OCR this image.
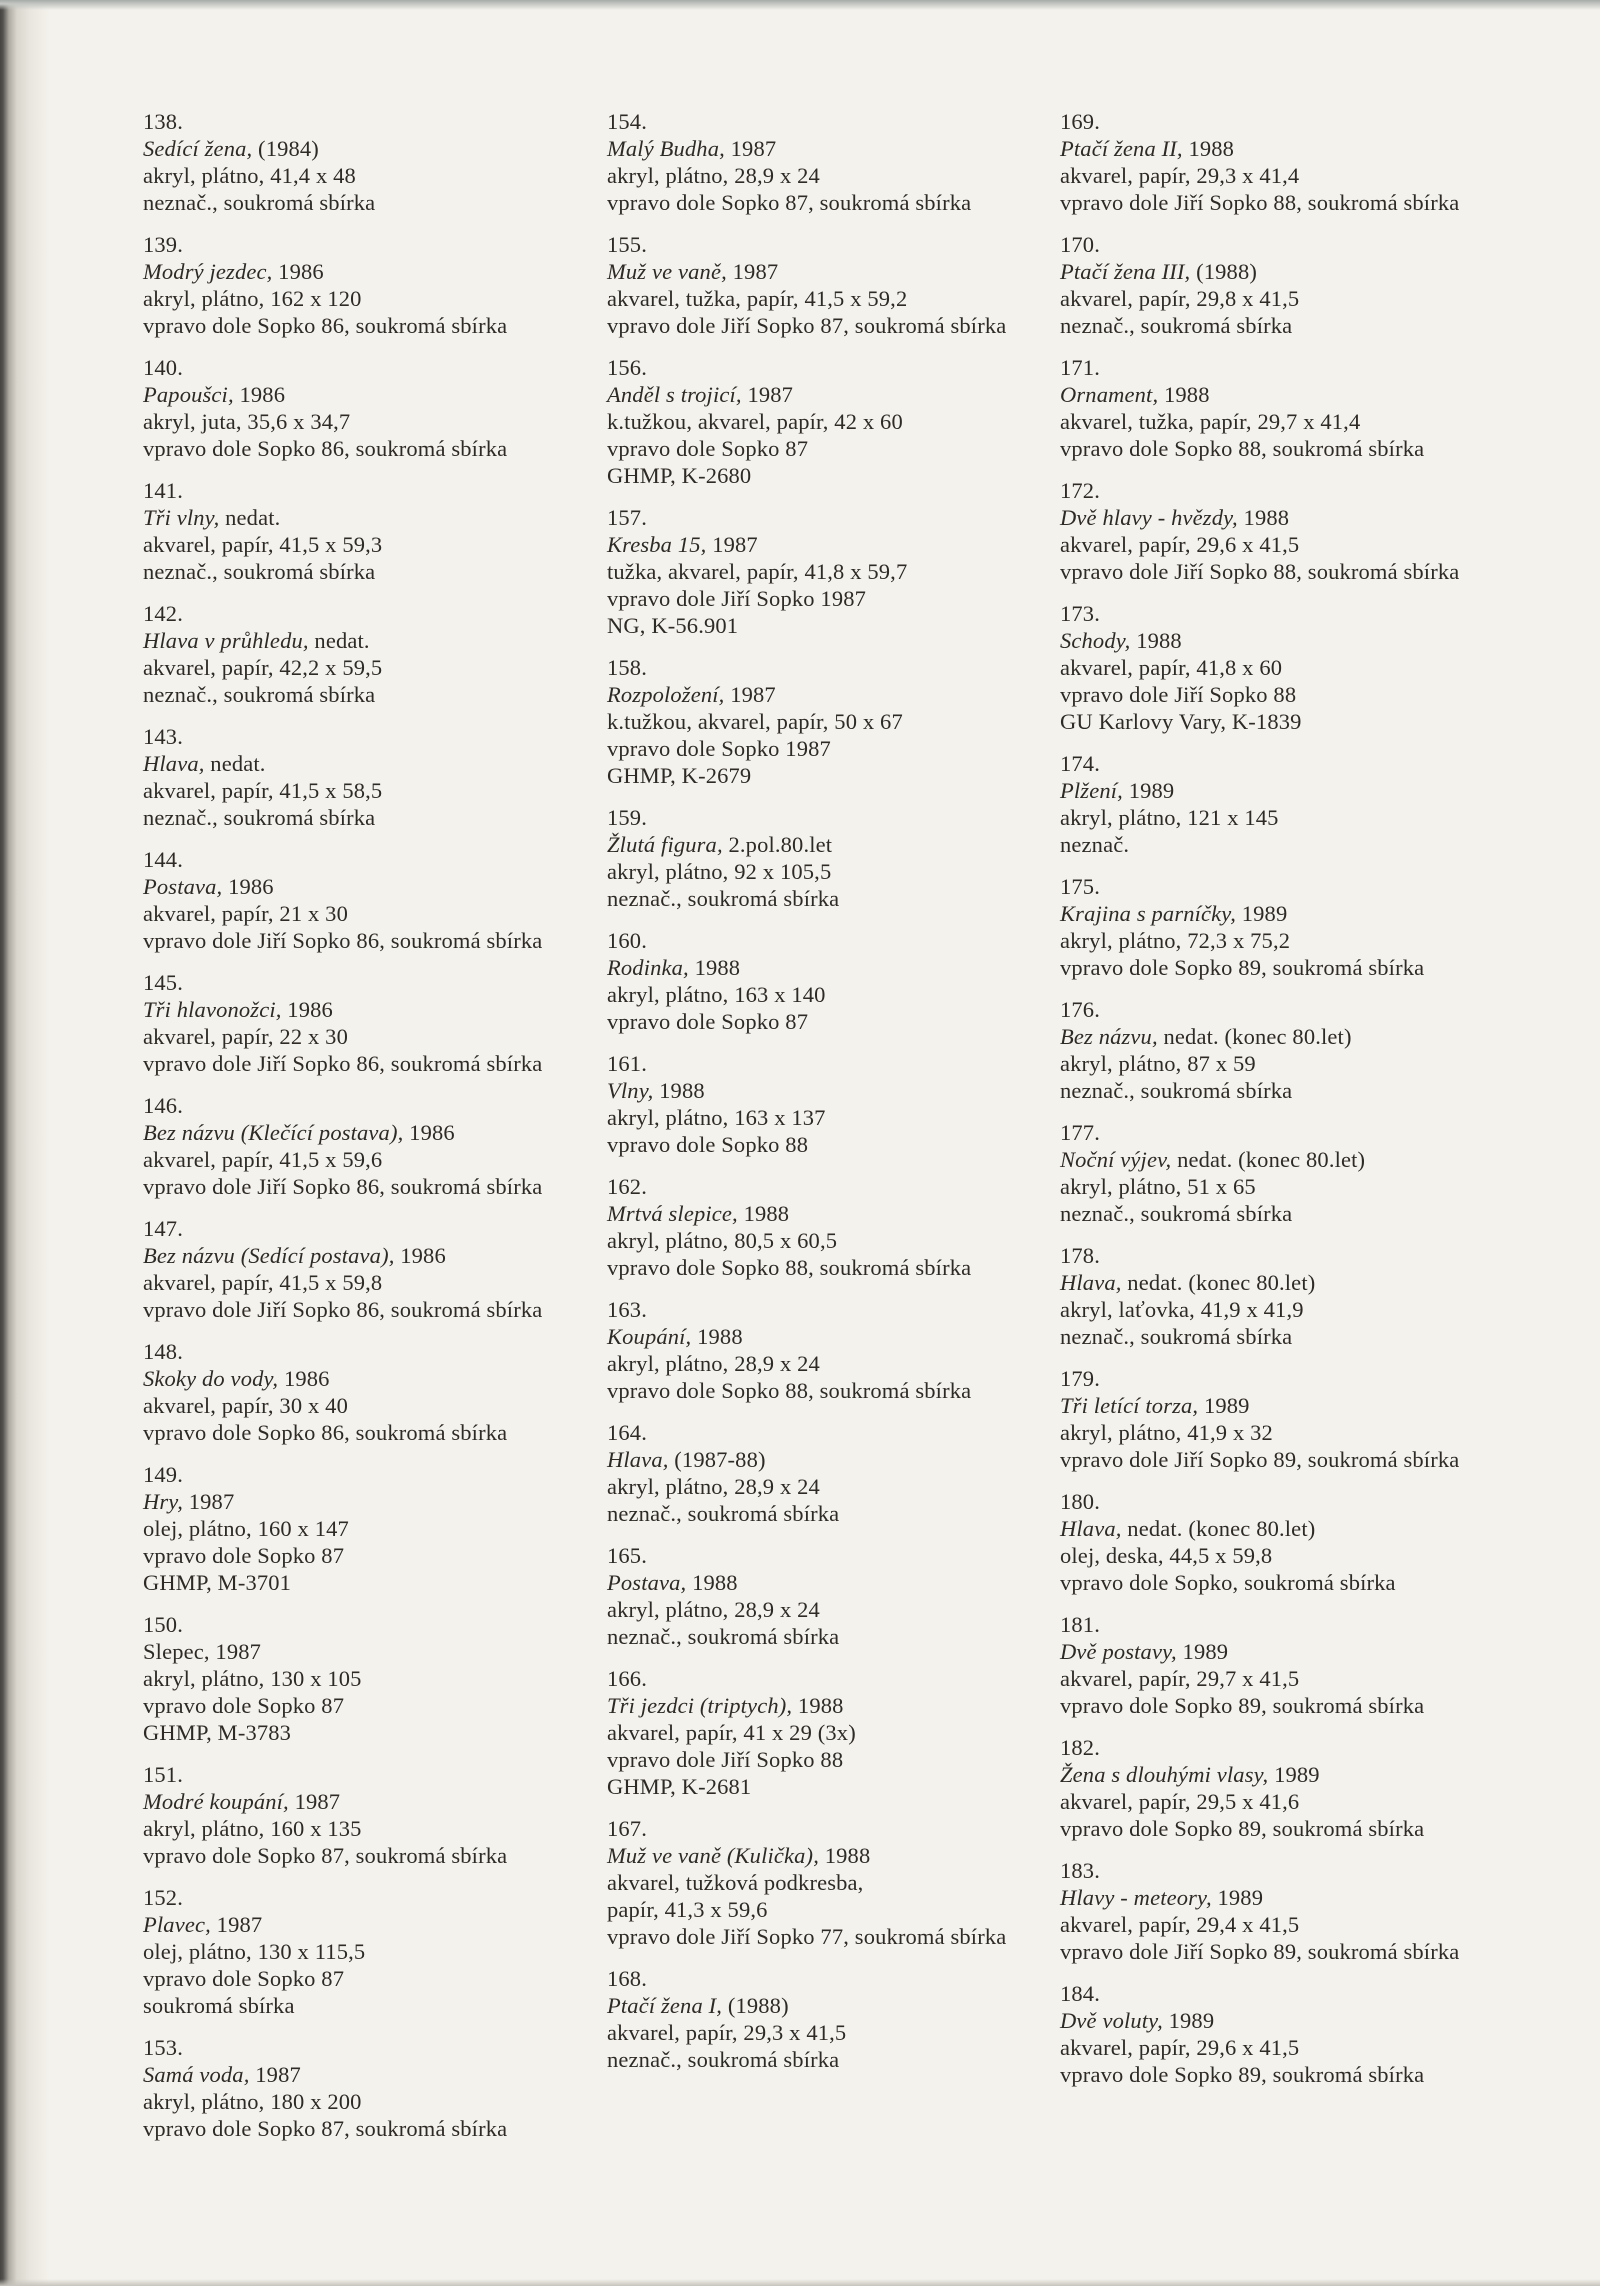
138.
Sedící žena, (1984)
akryl, plátno, 41,4 x 48
neznač., soukromá sbírka
139.
Modrý jezdec, 1986
akryl, plátno, 162 x 120
vpravo dole Sopko 86, soukromá sbírka
140.
Papoušci, 1986
akryl, juta, 35,6 x 34,7
vpravo dole Sopko 86, soukromá sbírka
141.
Tři vlny, nedat.
akvarel, papír, 41,5 x 59,3
neznač., soukromá sbírka
142.
Hlava v průhledu, nedat.
akvarel, papír, 42,2 x 59,5
neznač., soukromá sbírka
143.
Hlava, nedat.
akvarel, papír, 41,5 x 58,5
neznač., soukromá sbírka
144.
Postava, 1986
akvarel, papír, 21 x 30
vpravo dole Jiří Sopko 86, soukromá sbírka
145.
Tři hlavonožci, 1986
akvarel, papír, 22 x 30
vpravo dole Jiří Sopko 86, soukromá sbírka
146.
Bez názvu (Klečící postava), 1986
akvarel, papír, 41,5 x 59,6
vpravo dole Jiří Sopko 86, soukromá sbírka
147.
Bez názvu (Sedící postava), 1986
akvarel, papír, 41,5 x 59,8
vpravo dole Jiří Sopko 86, soukromá sbírka
148.
Skoky do vody, 1986
akvarel, papír, 30 x 40
vpravo dole Sopko 86, soukromá sbírka
149.
Hry, 1987
olej, plátno, 160 x 147
vpravo dole Sopko 87
GHMP, M-3701
150.
Slepec, 1987
akryl, plátno, 130 x 105
vpravo dole Sopko 87
GHMP, M-3783
151.
Modré koupání, 1987
akryl, plátno, 160 x 135
vpravo dole Sopko 87, soukromá sbírka
152.
Plavec, 1987
olej, plátno, 130 x 115,5
vpravo dole Sopko 87
soukromá sbírka
153.
Samá voda, 1987
akryl, plátno, 180 x 200
vpravo dole Sopko 87, soukromá sbírka
154.
Malý Budha, 1987
akryl, plátno, 28,9 x 24
vpravo dole Sopko 87, soukromá sbírka
155.
Muž ve vaně, 1987
akvarel, tužka, papír, 41,5 x 59,2
vpravo dole Jiří Sopko 87, soukromá sbírka
156.
Anděl s trojicí, 1987
k.tužkou, akvarel, papír, 42 x 60
vpravo dole Sopko 87
GHMP, K-2680
157.
Kresba 15, 1987
tužka, akvarel, papír, 41,8 x 59,7
vpravo dole Jiří Sopko 1987
NG, K-56.901
158.
Rozpoložení, 1987
k.tužkou, akvarel, papír, 50 x 67
vpravo dole Sopko 1987
GHMP, K-2679
159.
Žlutá figura, 2.pol.80.let
akryl, plátno, 92 x 105,5
neznač., soukromá sbírka
160.
Rodinka, 1988
akryl, plátno, 163 x 140
vpravo dole Sopko 87
161.
Vlny, 1988
akryl, plátno, 163 x 137
vpravo dole Sopko 88
162.
Mrtvá slepice, 1988
akryl, plátno, 80,5 x 60,5
vpravo dole Sopko 88, soukromá sbírka
163.
Koupání, 1988
akryl, plátno, 28,9 x 24
vpravo dole Sopko 88, soukromá sbírka
164.
Hlava, (1987-88)
akryl, plátno, 28,9 x 24
neznač., soukromá sbírka
165.
Postava, 1988
akryl, plátno, 28,9 x 24
neznač., soukromá sbírka
166.
Tři jezdci (triptych), 1988
akvarel, papír, 41 x 29 (3x)
vpravo dole Jiří Sopko 88
GHMP, K-2681
167.
Muž ve vaně (Kulička), 1988
akvarel, tužková podkresba,
papír, 41,3 x 59,6
vpravo dole Jiří Sopko 77, soukromá sbírka
168.
Ptačí žena I, (1988)
akvarel, papír, 29,3 x 41,5
neznač., soukromá sbírka
169.
Ptačí žena II, 1988
akvarel, papír, 29,3 x 41,4
vpravo dole Jiří Sopko 88, soukromá sbírka
170.
Ptačí žena III, (1988)
akvarel, papír, 29,8 x 41,5
neznač., soukromá sbírka
171.
Ornament, 1988
akvarel, tužka, papír, 29,7 x 41,4
vpravo dole Sopko 88, soukromá sbírka
172.
Dvě hlavy - hvězdy, 1988
akvarel, papír, 29,6 x 41,5
vpravo dole Jiří Sopko 88, soukromá sbírka
173.
Schody, 1988
akvarel, papír, 41,8 x 60
vpravo dole Jiří Sopko 88
GU Karlovy Vary, K-1839
174.
Plžení, 1989
akryl, plátno, 121 x 145
neznač.
175.
Krajina s parníčky, 1989
akryl, plátno, 72,3 x 75,2
vpravo dole Sopko 89, soukromá sbírka
176.
Bez názvu, nedat. (konec 80.let)
akryl, plátno, 87 x 59
neznač., soukromá sbírka
177.
Noční výjev, nedat. (konec 80.let)
akryl, plátno, 51 x 65
neznač., soukromá sbírka
178.
Hlava, nedat. (konec 80.let)
akryl, laťovka, 41,9 x 41,9
neznač., soukromá sbírka
179.
Tři letící torza, 1989
akryl, plátno, 41,9 x 32
vpravo dole Jiří Sopko 89, soukromá sbírka
180.
Hlava, nedat. (konec 80.let)
olej, deska, 44,5 x 59,8
vpravo dole Sopko, soukromá sbírka
181.
Dvě postavy, 1989
akvarel, papír, 29,7 x 41,5
vpravo dole Sopko 89, soukromá sbírka
182.
Žena s dlouhými vlasy, 1989
akvarel, papír, 29,5 x 41,6
vpravo dole Sopko 89, soukromá sbírka
183.
Hlavy - meteory, 1989
akvarel, papír, 29,4 x 41,5
vpravo dole Jiří Sopko 89, soukromá sbírka
184.
Dvě voluty, 1989
akvarel, papír, 29,6 x 41,5
vpravo dole Sopko 89, soukromá sbírka
